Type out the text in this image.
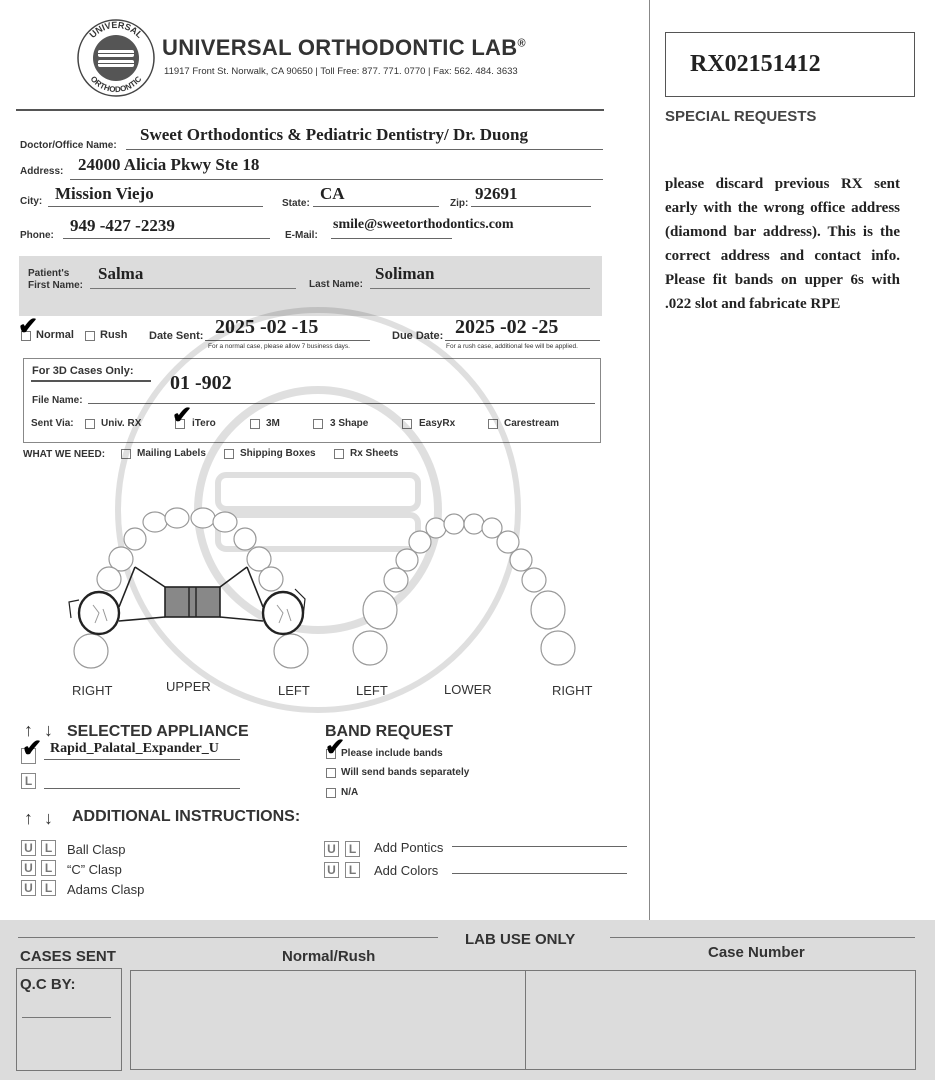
UNIVERSAL
ORTHODONTIC
UNIVERSAL ORTHODONTIC LAB®
11917 Front St. Norwalk, CA 90650 | Toll Free: 877. 771. 0770 | Fax: 562. 484. 3633	RX02151412
SPECIAL REQUESTS
please discard previous RX sent early with the wrong office address (diamond bar address). This is the correct address and contact info. Please fit bands on upper 6s with .022 slot and fabricate RPE
Doctor/Office Name:
Sweet Orthodontics & Pediatric Dentistry/ Dr. Duong
Address: 24000 Alicia Pkwy Ste 18
City: Mission Viejo
State:
CA
Zip:
92691
Phone:
949 -427 -2239
E-Mail:
smile@sweetorthodontics.com
Patient's
First Name:
Salma
Last Name:
Soliman
✔
Normal Rush Date Sent: 2025 -02 -15
For a normal case, please allow 7 business days.
Due Date: 2025 -02 -25
For a rush case, additional fee will be applied.
For 3D Cases Only:
File Name:
01 -902
Sent Via:	Univ. RX ✔ iTero	3M	3 Shape	EasyRx	Carestream
WHAT WE NEED:	Mailing Labels	Shipping Boxes	Rx Sheets
RIGHT	UPPER	LEFT	LEFT	LOWER	RIGHT
↑ ↓ SELECTED APPLIANCE
✔ Rapid_Palatal_Expander_U
L
BAND REQUEST
✔
Please include bands
Will send bands separately
N/A
↑ ↓ ADDITIONAL INSTRUCTIONS:
U	L Ball Clasp
U	L “C” Clasp
U	L Adams Clasp
U	L Add Pontics
U	L Add Colors
LAB USE ONLY
CASES SENT	Normal/Rush	Case Number
Q.C BY:
